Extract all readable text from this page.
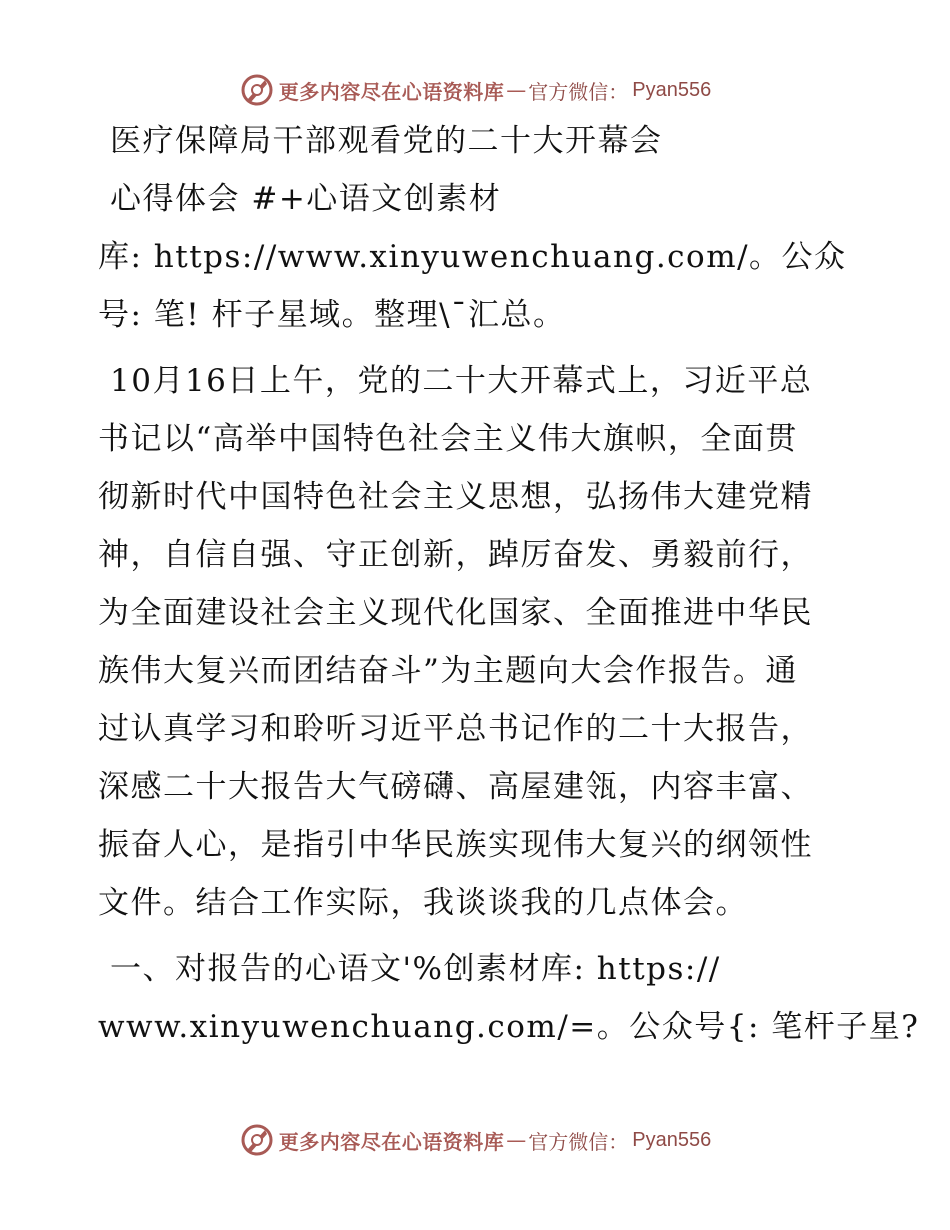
更多内容尽在心语资料库 — 官方微信： Pyan556
医疗保障局干部观看党的二十大开幕会
心得体会 #+心语文创素材
库: https://www.xinyuwenchuang.com/。公众
号: 笔! 杆子星域。整理\¯汇总。
10月16日上午，党的二十大开幕式上，习近平总
书记以“高举中国特色社会主义伟大旗帜，全面贯
彻新时代中国特色社会主义思想，弘扬伟大建党精
神，自信自强、守正创新，踔厉奋发、勇毅前行，
为全面建设社会主义现代化国家、全面推进中华民
族伟大复兴而团结奋斗”为主题向大会作报告。通
过认真学习和聆听习近平总书记作的二十大报告，
深感二十大报告大气磅礴、高屋建瓴，内容丰富、
振奋人心，是指引中华民族实现伟大复兴的纲领性
文件。结合工作实际，我谈谈我的几点体会。
一、对报告的心语文'%创素材库: https://
www.xinyuwenchuang.com/=。公众号{: 笔杆子星?
更多内容尽在心语资料库 — 官方微信： Pyan556
